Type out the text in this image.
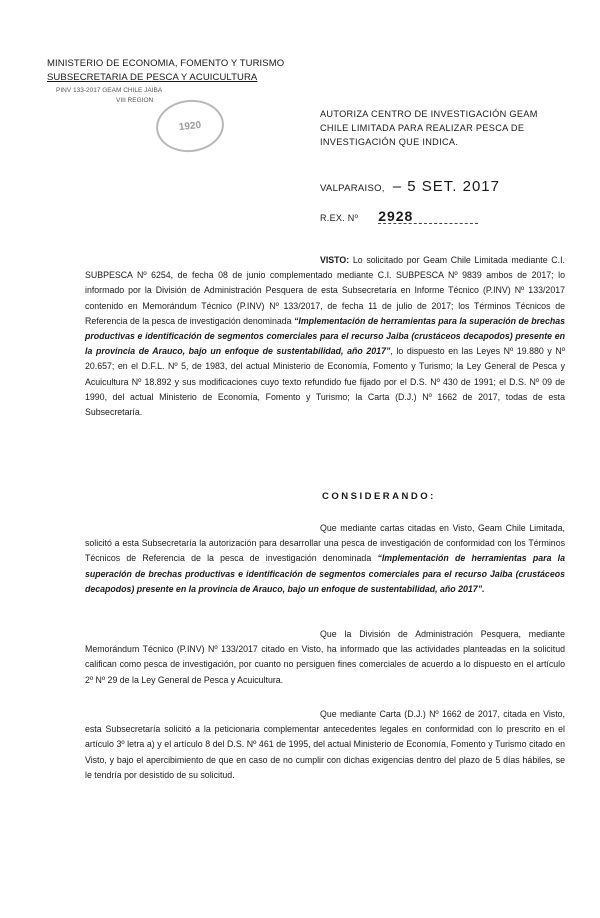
MINISTERIO DE ECONOMIA, FOMENTO Y TURISMO
SUBSECRETARIA DE PESCA Y ACUICULTURA
PINV 133-2017 GEAM CHILE JAIBA
VIII REGION
1920
AUTORIZA CENTRO DE INVESTIGACIÓN GEAM CHILE LIMITADA PARA REALIZAR PESCA DE INVESTIGACIÓN QUE INDICA.
VALPARAISO, – 5 SET. 2017
R.EX. Nº 2928
VISTO: Lo solicitado por Geam Chile Limitada mediante C.I. SUBPESCA Nº 6254, de fecha 08 de junio complementado mediante C.I. SUBPESCA Nº 9839 ambos de 2017; lo informado por la División de Administración Pesquera de esta Subsecretaría en Informe Técnico (P.INV) Nº 133/2017 contenido en Memorándum Técnico (P.INV) Nº 133/2017, de fecha 11 de julio de 2017; los Términos Técnicos de Referencia de la pesca de investigación denominada “Implementación de herramientas para la superación de brechas productivas e identificación de segmentos comerciales para el recurso Jaiba (crustáceos decapodos) presente en la provincia de Arauco, bajo un enfoque de sustentabilidad, año 2017”, lo dispuesto en las Leyes Nº 19.880 y Nº 20.657; en el D.F.L. Nº 5, de 1983, del actual Ministerio de Economía, Fomento y Turismo; la Ley General de Pesca y Acuicultura Nº 18.892 y sus modificaciones cuyo texto refundido fue fijado por el D.S. Nº 430 de 1991; el D.S. Nº 09 de 1990, del actual Ministerio de Economía, Fomento y Turismo; la Carta (D.J.) Nº 1662 de 2017, todas de esta Subsecretaría.
CONSIDERANDO:
Que mediante cartas citadas en Visto, Geam Chile Limitada, solicitó a esta Subsecretaría la autorización para desarrollar una pesca de investigación de conformidad con los Términos Técnicos de Referencia de la pesca de investigación denominada “Implementación de herramientas para la superación de brechas productivas e identificación de segmentos comerciales para el recurso Jaiba (crustáceos decapodos) presente en la provincia de Arauco, bajo un enfoque de sustentabilidad, año 2017”.
Que la División de Administración Pesquera, mediante Memorándum Técnico (P.INV) Nº 133/2017 citado en Visto, ha informado que las actividades planteadas en la solicitud califican como pesca de investigación, por cuanto no persiguen fines comerciales de acuerdo a lo dispuesto en el artículo 2º Nº 29 de la Ley General de Pesca y Acuicultura.
Que mediante Carta (D.J.) Nº 1662 de 2017, citada en Visto, esta Subsecretaría solicitó a la peticionaria complementar antecedentes legales en conformidad con lo prescrito en el artículo 3º letra a) y el artículo 8 del D.S. Nº 461 de 1995, del actual Ministerio de Economía, Fomento y Turismo citado en Visto, y bajo el apercibimiento de que en caso de no cumplir con dichas exigencias dentro del plazo de 5 días hábiles, se le tendría por desistido de su solicitud.
